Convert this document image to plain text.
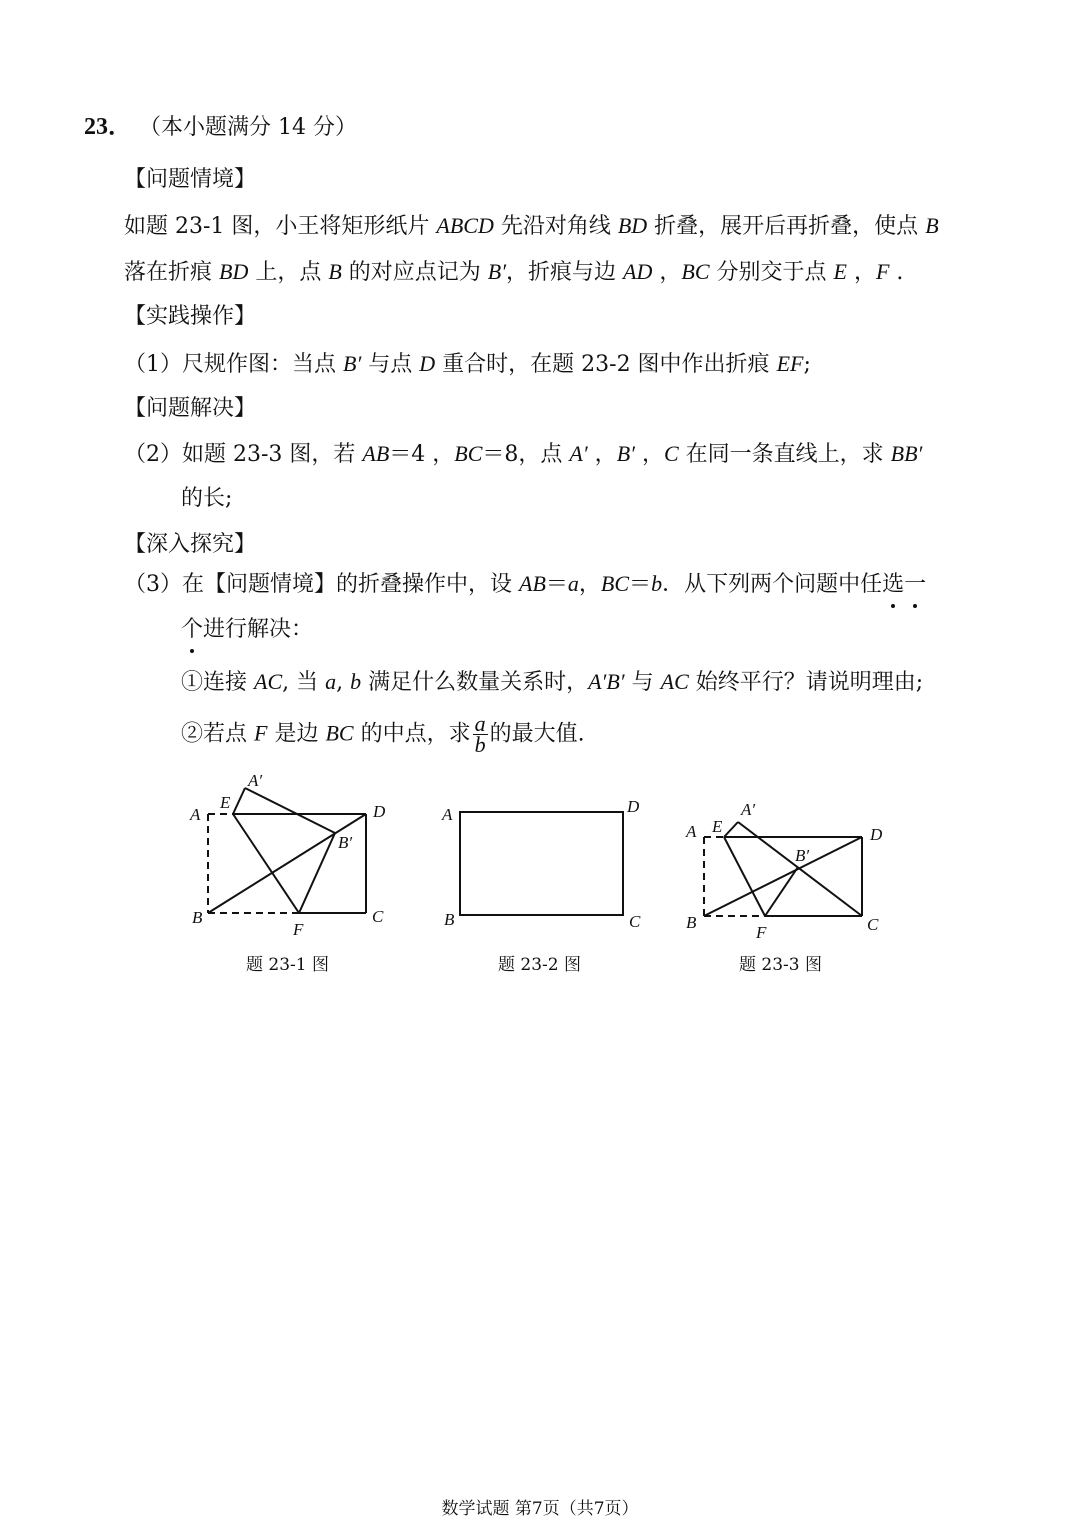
23． （本小题满分 14 分）
【问题情境】
如题 23-1 图，小王将矩形纸片 ABCD 先沿对角线 BD 折叠，展开后再折叠，使点 B
落在折痕 BD 上，点 B 的对应点记为 B′，折痕与边 AD ，BC 分别交于点 E ，F .
【实践操作】
（1）尺规作图：当点 B′ 与点 D 重合时，在题 23-2 图中作出折痕 EF;
【问题解决】
（2）如题 23-3 图，若 AB＝4 ，BC＝8，点 A′ ，B′ ，C 在同一条直线上，求 BB′
的长;
【深入探究】
（3）在【问题情境】的折叠操作中，设 AB＝a，BC＝b．从下列两个问题中任选一
个进行解决：
①连接 AC, 当 a, b 满足什么数量关系时，A′B′ 与 AC 始终平行？请说明理由;
②若点 F 是边 BC 的中点，求 $\frac{a}{b}$ 的最大值.
A
E
A′
D
B′
B
F
C
题 23-1 图
A	D
B	C
题 23-2 图
A E
A′
D
B′
B
F	C
题 23-3 图
数学试题 第7页（共7页）
